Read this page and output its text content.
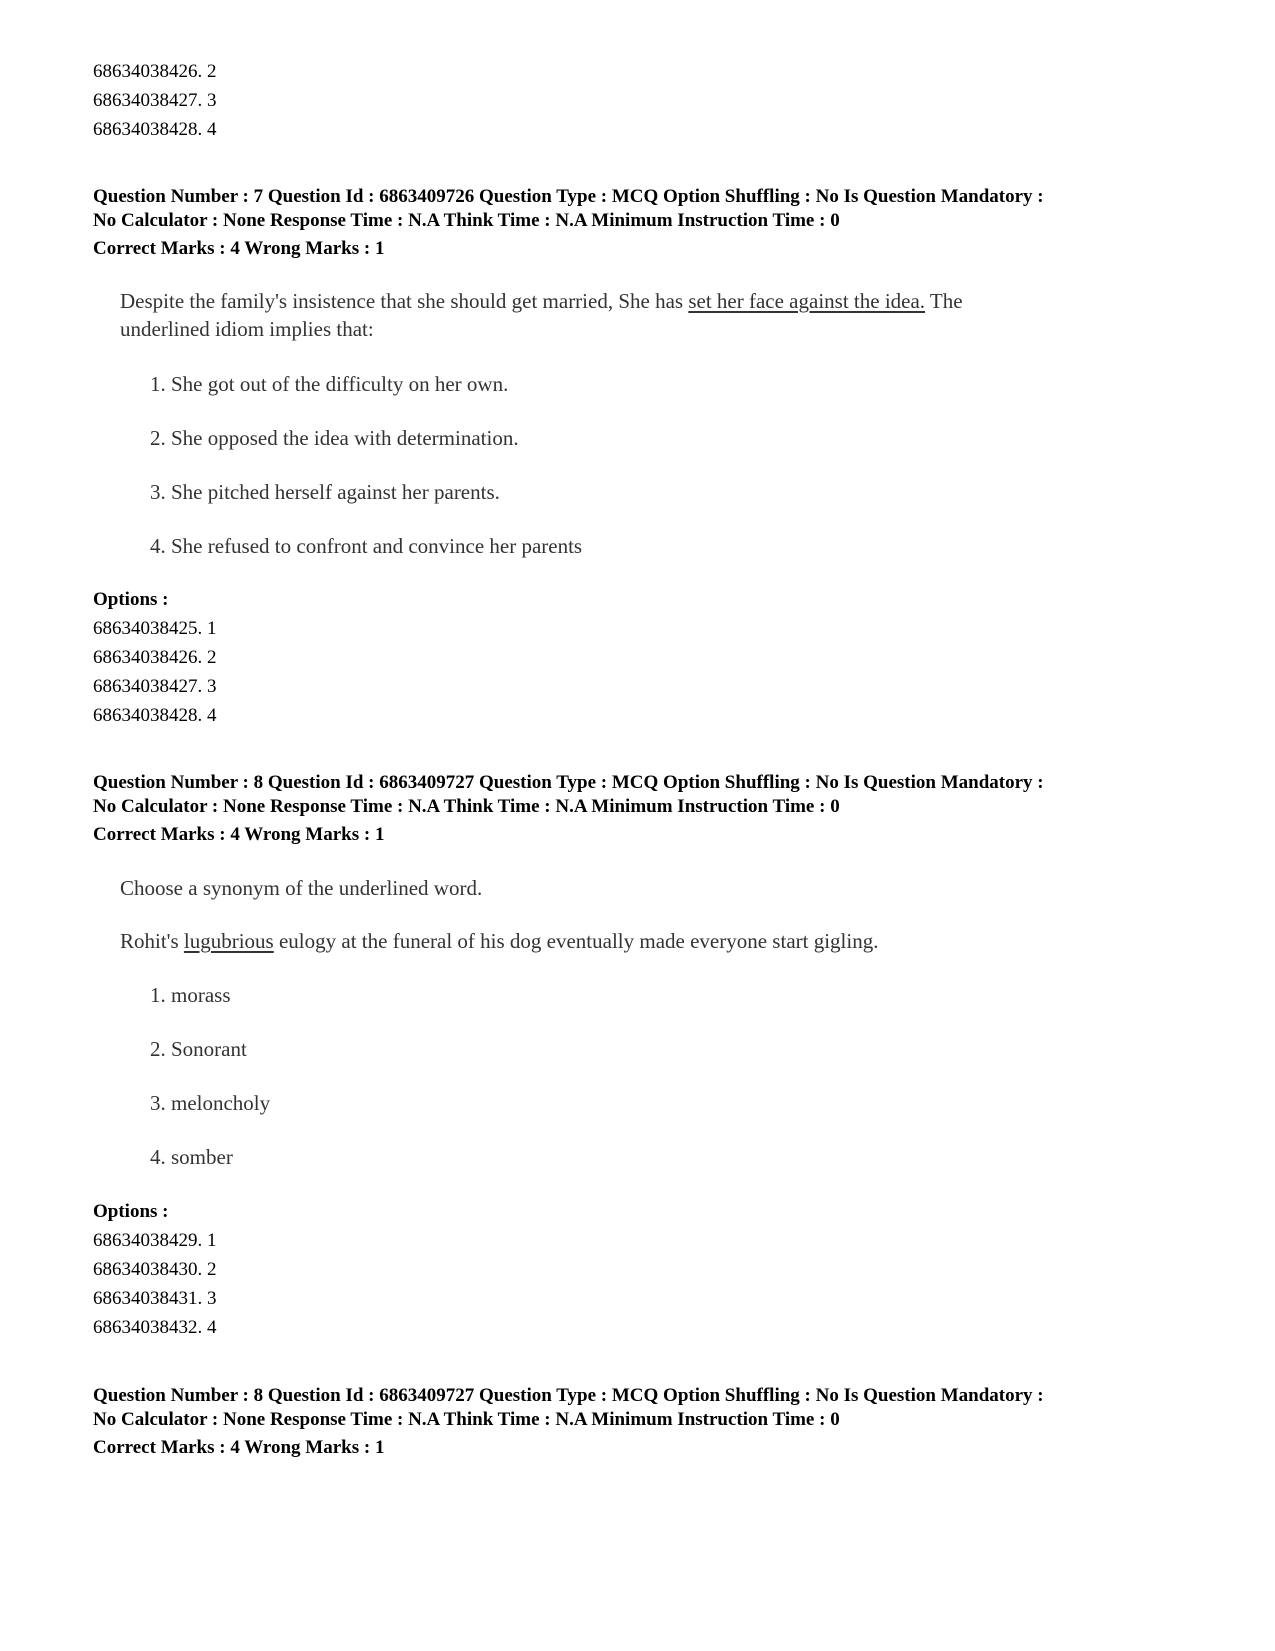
68634038426. 2
68634038427. 3
68634038428. 4
Question Number : 7 Question Id : 6863409726 Question Type : MCQ Option Shuffling : No Is Question Mandatory :
No Calculator : None Response Time : N.A Think Time : N.A Minimum Instruction Time : 0
Correct Marks : 4 Wrong Marks : 1
Despite the family's insistence that she should get married, She has set her face against the idea. The
underlined idiom implies that:
1. She got out of the difficulty on her own.
2. She opposed the idea with determination.
3. She pitched herself against her parents.
4. She refused to confront and convince her parents
Options :
68634038425. 1
68634038426. 2
68634038427. 3
68634038428. 4
Question Number : 8 Question Id : 6863409727 Question Type : MCQ Option Shuffling : No Is Question Mandatory :
No Calculator : None Response Time : N.A Think Time : N.A Minimum Instruction Time : 0
Correct Marks : 4 Wrong Marks : 1
Choose a synonym of the underlined word.
Rohit's lugubrious eulogy at the funeral of his dog eventually made everyone start gigling.
1. morass
2. Sonorant
3. meloncholy
4. somber
Options :
68634038429. 1
68634038430. 2
68634038431. 3
68634038432. 4
Question Number : 8 Question Id : 6863409727 Question Type : MCQ Option Shuffling : No Is Question Mandatory :
No Calculator : None Response Time : N.A Think Time : N.A Minimum Instruction Time : 0
Correct Marks : 4 Wrong Marks : 1
